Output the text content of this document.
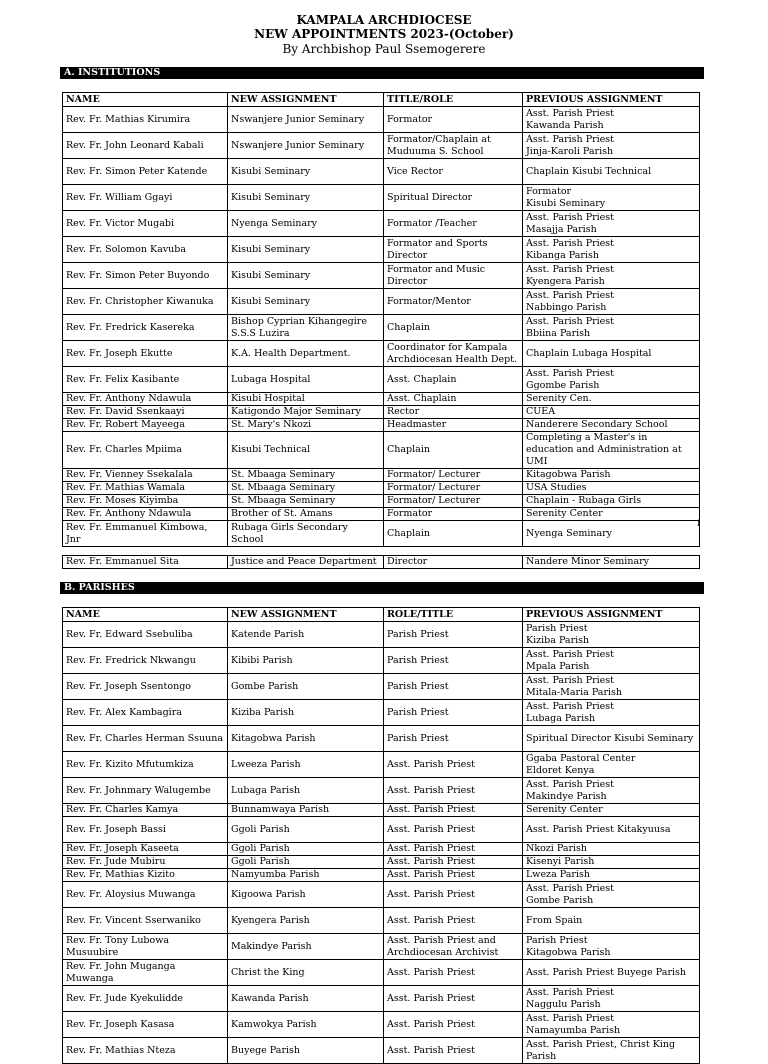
KAMPALA ARCHDIOCESE
NEW APPOINTMENTS 2023-(October)
By Archbishop Paul Ssemogerere
A. INSTITUTIONS
NAME	NEW ASSIGNMENT	TITLE/ROLE	PREVIOUS ASSIGNMENT
Rev. Fr. Mathias Kirumira	Nswanjere Junior Seminary	Formator	Asst. Parish Priest
Kawanda Parish
Rev. Fr. John Leonard Kabali	Nswanjere Junior Seminary	Formator/Chaplain at Muduuma S. School	Asst. Parish Priest
Jinja-Karoli Parish
Rev. Fr. Simon Peter Katende	Kisubi Seminary	Vice Rector	Chaplain Kisubi Technical
Rev. Fr. William Ggayi	Kisubi Seminary	Spiritual Director	Formator
Kisubi Seminary
Rev. Fr. Victor Mugabi	Nyenga Seminary	Formator /Teacher	Asst. Parish Priest
Masajja Parish
Rev. Fr. Solomon Kavuba	Kisubi Seminary	Formator and Sports Director	Asst. Parish Priest
Kibanga Parish
Rev. Fr. Simon Peter Buyondo	Kisubi Seminary	Formator and Music Director	Asst. Parish Priest
Kyengera Parish
Rev. Fr. Christopher Kiwanuka	Kisubi Seminary	Formator/Mentor	Asst. Parish Priest
Nabbingo Parish
Rev. Fr. Fredrick Kasereka	Bishop Cyprian Kihangegire S.S.S Luzira	Chaplain	Asst. Parish Priest
Bbiina Parish
Rev. Fr. Joseph Ekutte	K.A. Health Department.	Coordinator for Kampala Archdiocesan Health Dept.	Chaplain Lubaga Hospital
Rev. Fr. Felix Kasibante	Lubaga Hospital	Asst. Chaplain	Asst. Parish Priest
Ggombe Parish
Rev. Fr. Anthony Ndawula	Kisubi Hospital	Asst. Chaplain	Serenity Cen.
Rev. Fr. David Ssenkaayi	Katigondo Major Seminary	Rector	CUEA
Rev. Fr. Robert Mayeega	St. Mary's Nkozi	Headmaster	Nanderere Secondary School
Rev. Fr. Charles Mpiima	Kisubi Technical	Chaplain	Completing a Master's in education and Administration at UMI
Rev. Fr. Vienney Ssekalala	St. Mbaaga Seminary	Formator/ Lecturer	Kitagobwa Parish
Rev. Fr. Mathias Wamala	St. Mbaaga Seminary	Formator/ Lecturer	USA Studies
Rev. Fr. Moses Kiyimba	St. Mbaaga Seminary	Formator/ Lecturer	Chaplain - Rubaga Girls
Rev. Fr. Anthony Ndawula	Brother of St. Amans	Formator	Serenity Center
Rev. Fr. Emmanuel Kimbowa, Jnr	Rubaga Girls Secondary School	Chaplain	Nyenga Seminary
1
Rev. Fr. Emmanuel Sita	Justice and Peace Department	Director	Nandere Minor Seminary
B. PARISHES
NAME	NEW ASSIGNMENT	ROLE/TITLE	PREVIOUS ASSIGNMENT
Rev. Fr. Edward Ssebuliba	Katende Parish	Parish Priest	Parish Priest
Kiziba Parish
Rev. Fr. Fredrick Nkwangu	Kibibi Parish	Parish Priest	Asst. Parish Priest
Mpala Parish
Rev. Fr. Joseph Ssentongo	Gombe Parish	Parish Priest	Asst. Parish Priest
Mitala-Maria Parish
Rev. Fr. Alex Kambagira	Kiziba Parish	Parish Priest	Asst. Parish Priest
Lubaga Parish
Rev. Fr. Charles Herman Ssuuna	Kitagobwa Parish	Parish Priest	Spiritual Director Kisubi Seminary
Rev. Fr. Kizito Mfutumkiza	Lweeza Parish	Asst. Parish Priest	Ggaba Pastoral Center
Eldoret Kenya
Rev. Fr. Johnmary Walugembe	Lubaga Parish	Asst. Parish Priest	Asst. Parish Priest
Makindye Parish
Rev. Fr. Charles Kamya	Bunnamwaya Parish	Asst. Parish Priest	Serenity Center
Rev. Fr. Joseph Bassi	Ggoli Parish	Asst. Parish Priest	Asst. Parish Priest Kitakyuusa
Rev. Fr. Joseph Kaseeta	Ggoli Parish	Asst. Parish Priest	Nkozi Parish
Rev. Fr. Jude Mubiru	Ggoli Parish	Asst. Parish Priest	Kisenyi Parish
Rev. Fr. Mathias Kizito	Namyumba Parish	Asst. Parish Priest	Lweza Parish
Rev. Fr. Aloysius Muwanga	Kigoowa Parish	Asst. Parish Priest	Asst. Parish Priest
Gombe Parish
Rev. Fr. Vincent Sserwaniko	Kyengera Parish	Asst. Parish Priest	From Spain
Rev. Fr. Tony Lubowa Musuubire	Makindye Parish	Asst. Parish Priest and Archdiocesan Archivist	Parish Priest
Kitagobwa Parish
Rev. Fr. John Muganga Muwanga	Christ the King	Asst. Parish Priest	Asst. Parish Priest Buyege Parish
Rev. Fr. Jude Kyekulidde	Kawanda Parish	Asst. Parish Priest	Asst. Parish Priest
Naggulu Parish
Rev. Fr. Joseph Kasasa	Kamwokya Parish	Asst. Parish Priest	Asst. Parish Priest
Namayumba Parish
Rev. Fr. Mathias Nteza	Buyege Parish	Asst. Parish Priest	Asst. Parish Priest, Christ King Parish
